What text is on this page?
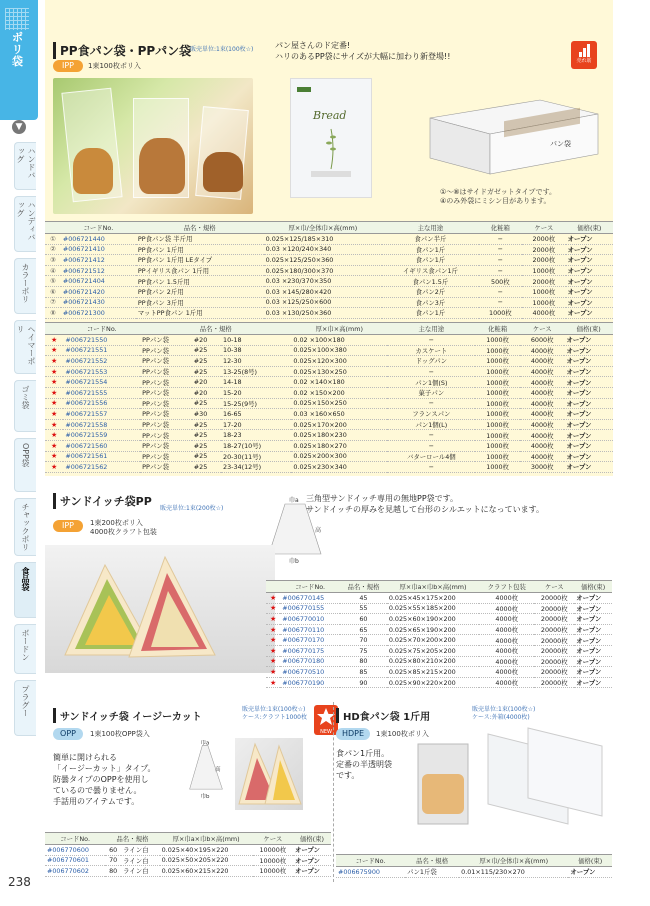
ポリ袋
▼
ハンドバッグ
ハンディバッグ
カラーポリ
ヘイマーポリ
ゴミ袋
OPP袋
チャックポリ
食品袋
ボードン
プラグー
238
PP食パン袋・PPパン袋
販売単位:1束(100枚☆)
IPP	1束100枚ポリ入
パン屋さんのド定番!
ハリのあるPP袋にサイズが大幅に加わり新登場!!	売れ筋
Bread
パン袋
①～⑧はサイドガゼットタイプです。
④のみ外袋にミシン目があります。
	コードNo.	品名・規格	厚×巾/全体巾×高(mm)	主な用途	化粧箱	ケース	価格(束)
①	#006721440	PP食パン袋 半斤用	0.025×125/185×310	食パン半斤	−	2000枚	オープン
②	#006721410	PP食パン 1斤用	0.03 ×120/240×340	食パン1斤	−	2000枚	オープン
③	#006721412	PP食パン 1斤用 LEタイプ	0.025×125/250×360	食パン1斤	−	2000枚	オープン
④	#006721512	PPイギリス食パン 1斤用	0.025×180/300×370	イギリス食パン1斤	−	1000枚	オープン
⑤	#006721404	PP食パン 1.5斤用	0.03 ×230/370×350	食パン1.5斤	500枚	2000枚	オープン
⑥	#006721420	PP食パン 2斤用	0.03 ×145/280×420	食パン2斤	−	1000枚	オープン
⑦	#006721430	PP食パン 3斤用	0.03 ×125/250×600	食パン3斤	−	1000枚	オープン
⑧	#006721300	マットPP食パン 1斤用	0.03 ×130/250×360	食パン1斤	1000枚	4000枚	オープン
	コードNo.	品名・規格			厚×巾×高(mm)	主な用途	化粧箱	ケース	価格(束)
★	#006721550	PPパン袋	#20	10-18	0.02 ×100×180	−	1000枚	6000枚	オープン
★	#006721551	PPパン袋	#25	10-38	0.025×100×380	カスケート	1000枚	4000枚	オープン
★	#006721552	PPパン袋	#25	12-30	0.025×120×300	ドッグパン	1000枚	4000枚	オープン
★	#006721553	PPパン袋	#25	13-25(8号)	0.025×130×250	−	1000枚	4000枚	オープン
★	#006721554	PPパン袋	#20	14-18	0.02 ×140×180	パン1個(S)	1000枚	4000枚	オープン
★	#006721555	PPパン袋	#20	15-20	0.02 ×150×200	菓子パン	1000枚	4000枚	オープン
★	#006721556	PPパン袋	#25	15-25(9号)	0.025×150×250	−	1000枚	4000枚	オープン
★	#006721557	PPパン袋	#30	16-65	0.03 ×160×650	フランスパン	1000枚	4000枚	オープン
★	#006721558	PPパン袋	#25	17-20	0.025×170×200	パン1個(L)	1000枚	4000枚	オープン
★	#006721559	PPパン袋	#25	18-23	0.025×180×230	−	1000枚	4000枚	オープン
★	#006721560	PPパン袋	#25	18-27(10号)	0.025×180×270	−	1000枚	4000枚	オープン
★	#006721561	PPパン袋	#25	20-30(11号)	0.025×200×300	バターロール4個	1000枚	4000枚	オープン
★	#006721562	PPパン袋	#25	23-34(12号)	0.025×230×340	−	1000枚	3000枚	オープン
サンドイッチ袋PP
販売単位:1束(200枚☆)
IPP	1束200枚ポリ入
4000枚クラフト包装
巾a
高
巾b
三角型サンドイッチ専用の無地PP袋です。
サンドイッチの厚みを見越して台形のシルエットになっています。
	コードNo.	品名・規格	厚×巾a×巾b×高(mm)	クラフト包装	ケース	価格(束)
★	#006770145	45	0.025×45×175×200	4000枚	20000枚	オープン
★	#006770155	55	0.025×55×185×200	4000枚	20000枚	オープン
★	#006770010	60	0.025×60×190×200	4000枚	20000枚	オープン
★	#006770110	65	0.025×65×190×200	4000枚	20000枚	オープン
★	#006770170	70	0.025×70×200×200	4000枚	20000枚	オープン
★	#006770175	75	0.025×75×205×200	4000枚	20000枚	オープン
★	#006770180	80	0.025×80×210×200	4000枚	20000枚	オープン
★	#006770510	85	0.025×85×215×200	4000枚	20000枚	オープン
★	#006770190	90	0.025×90×220×200	4000枚	20000枚	オープン
サンドイッチ袋 イージーカット
販売単位:1束(100枚☆)
ケース:クラフト1000枚
NEW
OPP	1束100枚OPP袋入
簡単に開けられる
「イージーカット」タイプ。
防曇タイプのOPPを使用し
ているので曇りません。
手話用のアイテムです。
巾a
高
巾b
コードNo.	品名・規格		厚×巾a×巾b×高(mm)	ケース	価格(束)
#006770600	60	ライン白	0.025×40×195×220	10000枚	オープン
#006770601	70	ライン白	0.025×50×205×220	10000枚	オープン
#006770602	80	ライン白	0.025×60×215×220	10000枚	オープン
HD食パン袋 1斤用
販売単位:1束(100枚☆)
ケース:外箱(4000枚)
HDPE	1束100枚ポリ入
食パン1斤用。
定番の半透明袋
です。
コードNo.	品名・規格	厚×巾/全体巾×高(mm)	価格(束)
#006675900	パン1斤袋	0.01×115/230×270	オープン
